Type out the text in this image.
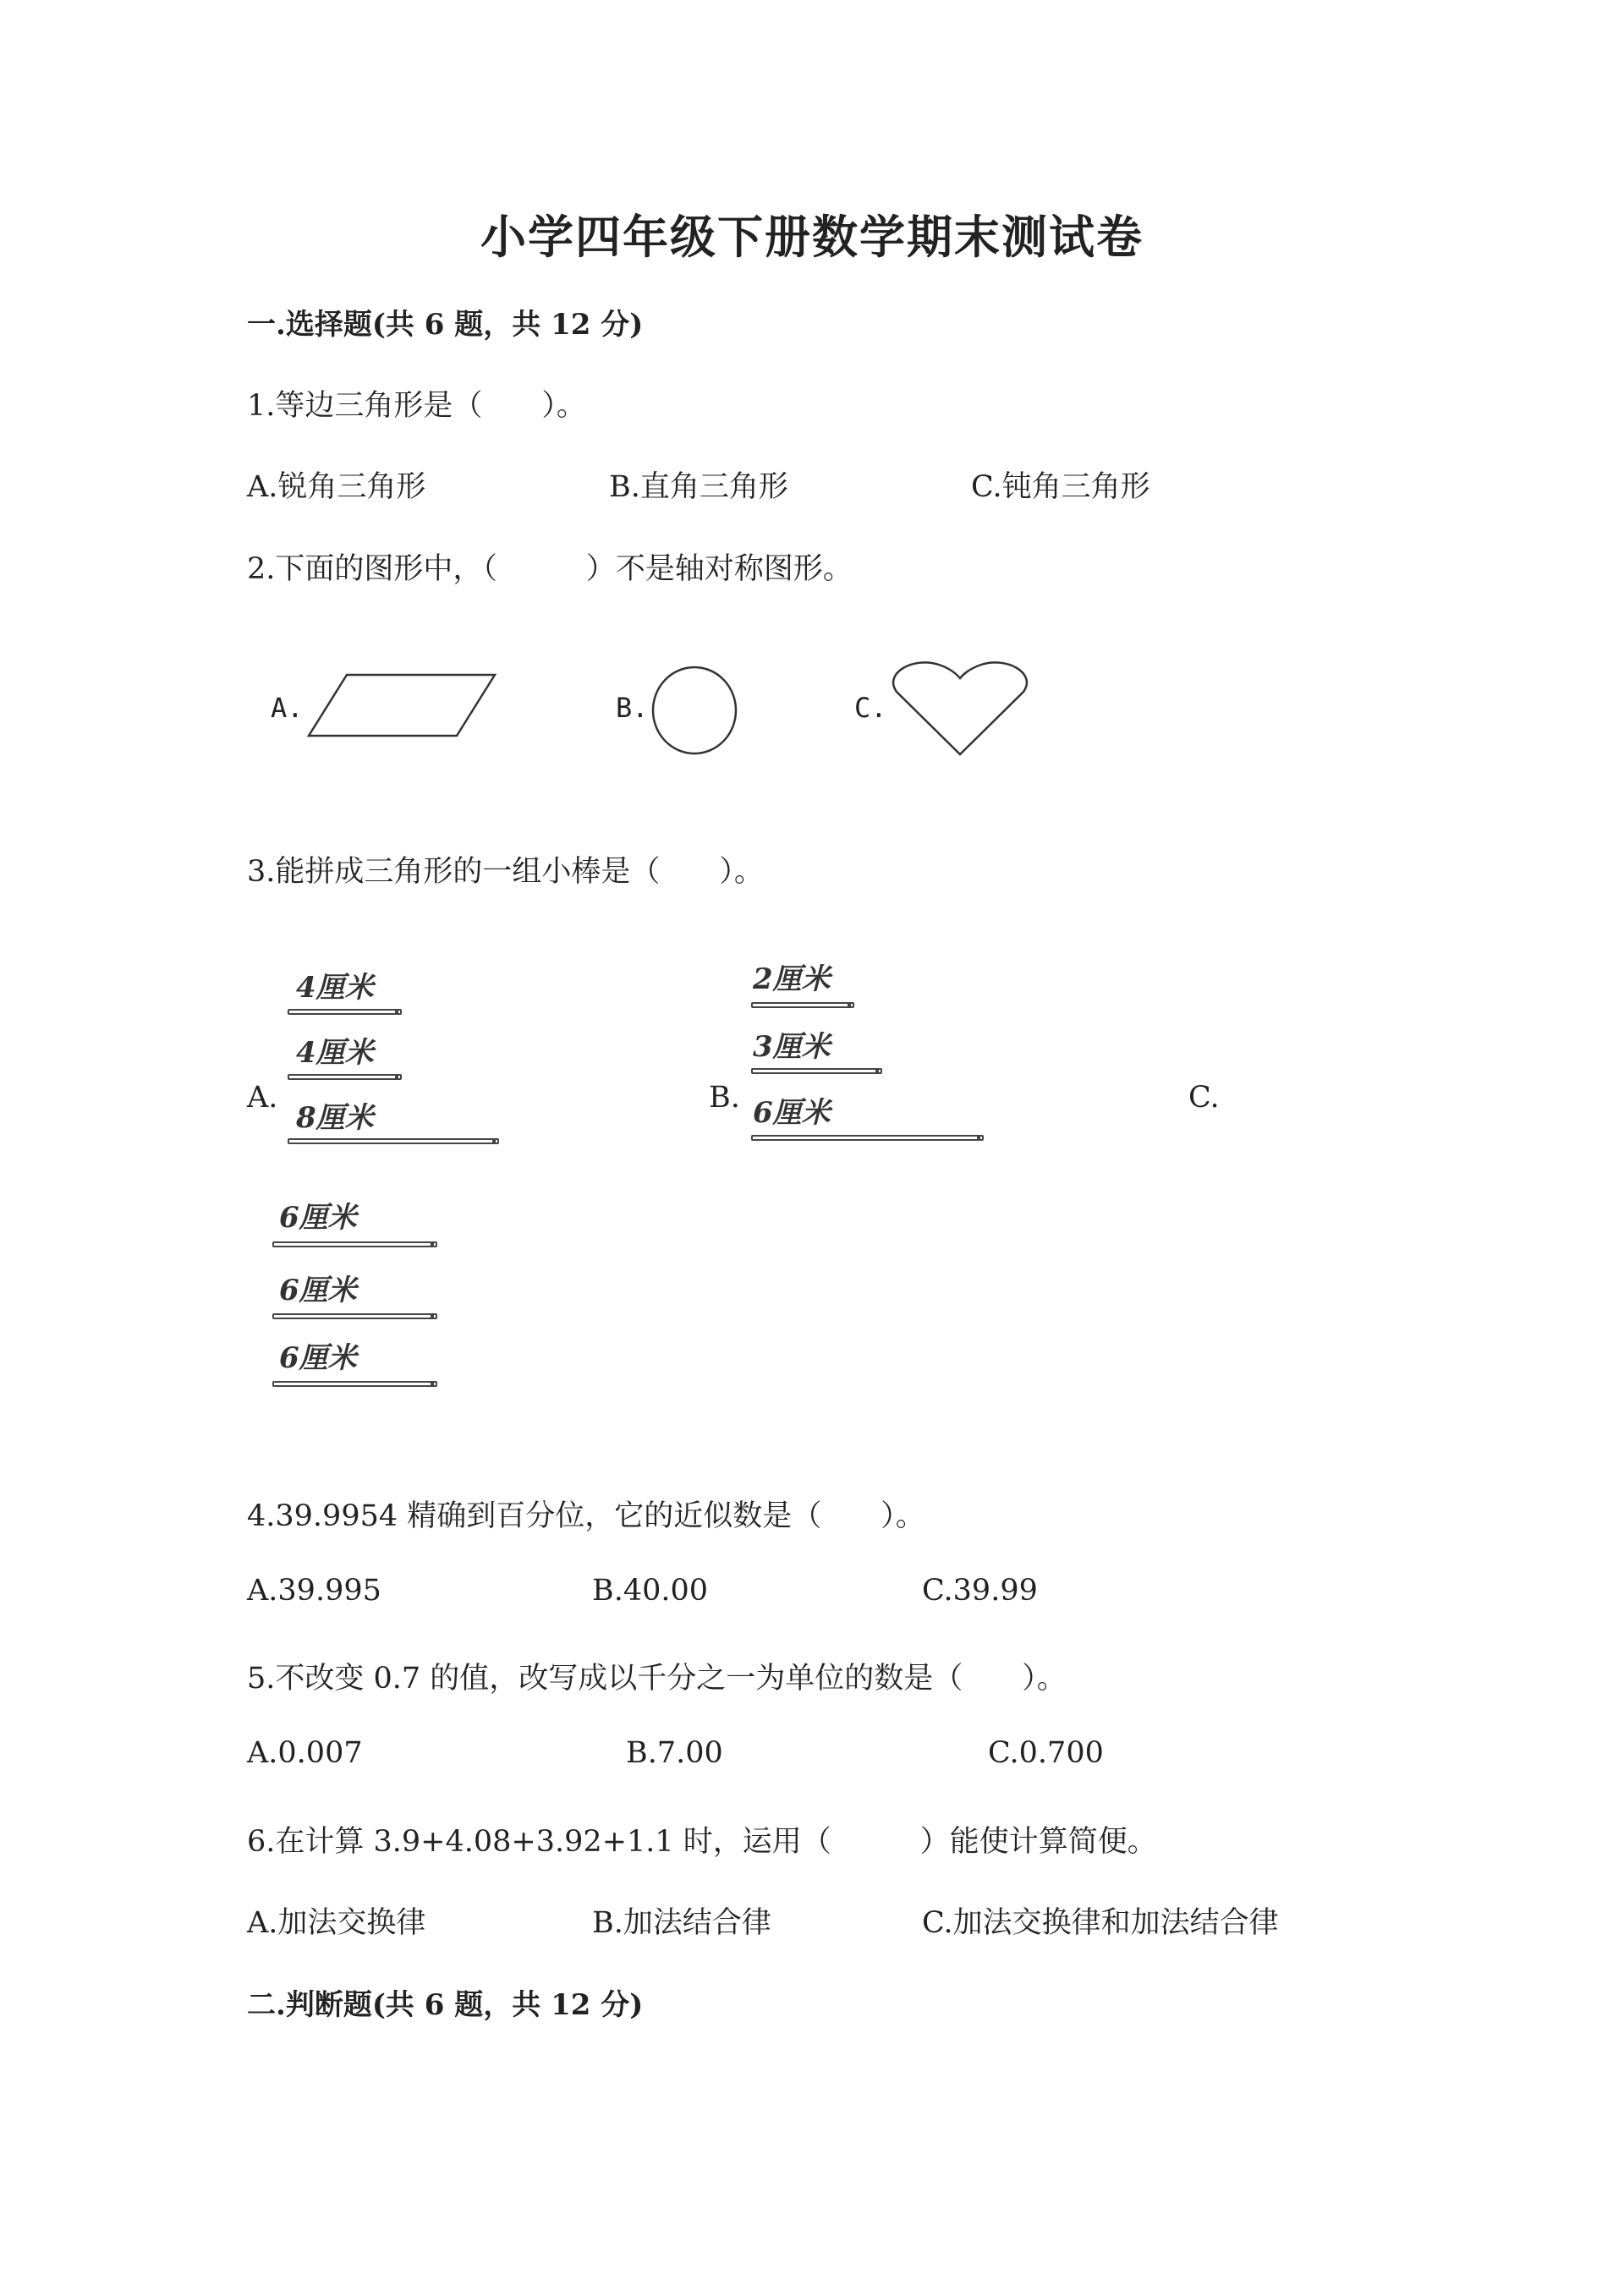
小学四年级下册数学期末测试卷
一.选择题(共 6 题，共 12 分)
1.等边三角形是（　　）。
A.锐角三角形	B.直角三角形	C.钝角三角形
2.下面的图形中，（　　　）不是轴对称图形。
A.	B.	C.
3.能拼成三角形的一组小棒是（　　）。
A.
4厘米
4厘米
8厘米
B.
2厘米
3厘米
6厘米	C.
6厘米
6厘米
6厘米
4.39.9954 精确到百分位，它的近似数是（　　）。
A.39.995	B.40.00	C.39.99
5.不改变 0.7 的值，改写成以千分之一为单位的数是（　　）。
A.0.007	B.7.00	C.0.700
6.在计算 3.9+4.08+3.92+1.1 时，运用（　　　）能使计算简便。
A.加法交换律	B.加法结合律	C.加法交换律和加法结合律
二.判断题(共 6 题，共 12 分)
